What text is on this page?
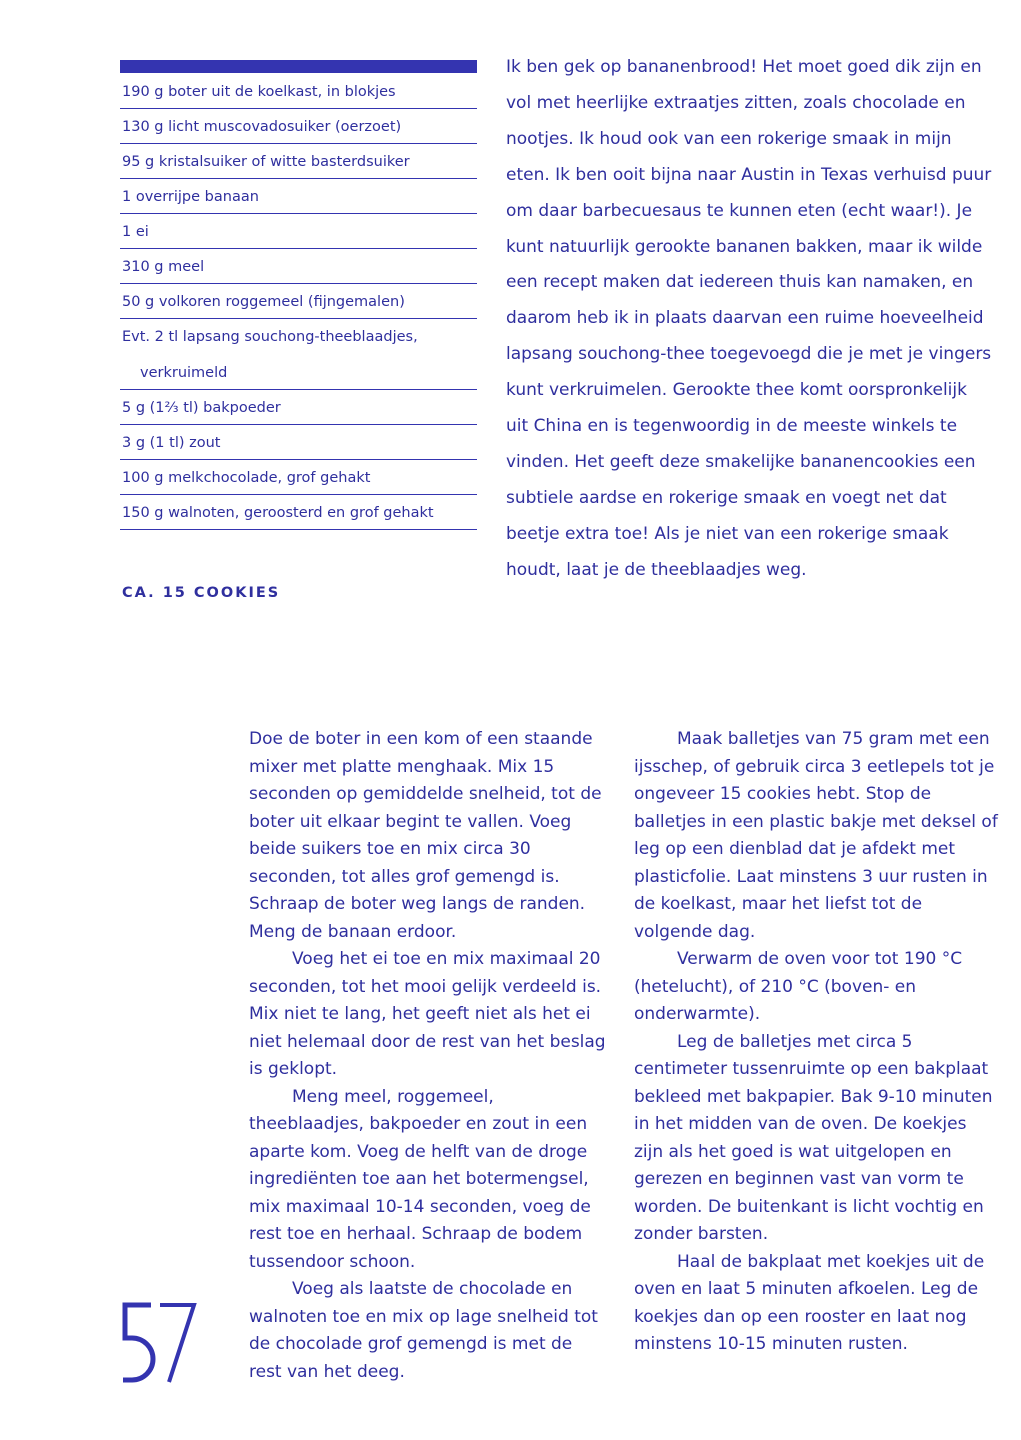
190 g boter uit de koelkast, in blokjes
130 g licht muscovadosuiker (oerzoet)
95 g kristalsuiker of witte basterdsuiker
1 overrijpe banaan
1 ei
310 g meel
50 g volkoren roggemeel (fijngemalen)
Evt. 2 tl lapsang souchong-theeblaadjes,
verkruimeld
5 g (1⅔ tl) bakpoeder
3 g (1 tl) zout
100 g melkchocolade, grof gehakt
150 g walnoten, geroosterd en grof gehakt
CA. 15 COOKIES

Ik ben gek op bananenbrood! Het moet goed dik zijn en vol met heerlijke extraatjes zitten, zoals chocolade en nootjes. Ik houd ook van een rokerige smaak in mijn eten. Ik ben ooit bijna naar Austin in Texas verhuisd puur om daar barbecuesaus te kunnen eten (echt waar!). Je kunt natuurlijk gerookte bananen bakken, maar ik wilde een recept maken dat iedereen thuis kan namaken, en daarom heb ik in plaats daarvan een ruime hoeveelheid lapsang souchong-thee toegevoegd die je met je vingers kunt verkruimelen. Gerookte thee komt oorspronkelijk uit China en is tegenwoordig in de meeste winkels te vinden. Het geeft deze smakelijke bananencookies een subtiele aardse en rokerige smaak en voegt net dat beetje extra toe! Als je niet van een rokerige smaak houdt, laat je de theeblaadjes weg.

Doe de boter in een kom of een staande mixer met platte menghaak. Mix 15 seconden op gemiddelde snelheid, tot de boter uit elkaar begint te vallen. Voeg beide suikers toe en mix circa 30 seconden, tot alles grof gemengd is. Schraap de boter weg langs de randen. Meng de banaan erdoor.

Voeg het ei toe en mix maximaal 20 seconden, tot het mooi gelijk verdeeld is. Mix niet te lang, het geeft niet als het ei niet helemaal door de rest van het beslag is geklopt.

Meng meel, roggemeel, theeblaadjes, bakpoeder en zout in een aparte kom. Voeg de helft van de droge ingrediënten toe aan het botermengsel, mix maximaal 10-14 seconden, voeg de rest toe en herhaal. Schraap de bodem tussendoor schoon.

Voeg als laatste de chocolade en walnoten toe en mix op lage snelheid tot de chocolade grof gemengd is met de rest van het deeg.

Maak balletjes van 75 gram met een ijsschep, of gebruik circa 3 eetlepels tot je ongeveer 15 cookies hebt. Stop de balletjes in een plastic bakje met deksel of leg op een dienblad dat je afdekt met plasticfolie. Laat minstens 3 uur rusten in de koelkast, maar het liefst tot de volgende dag.

Verwarm de oven voor tot 190 °C (hetelucht), of 210 °C (boven- en onderwarmte).

Leg de balletjes met circa 5 centimeter tussenruimte op een bakplaat bekleed met bakpapier. Bak 9-10 minuten in het midden van de oven. De koekjes zijn als het goed is wat uitgelopen en gerezen en beginnen vast van vorm te worden. De buitenkant is licht vochtig en zonder barsten.

Haal de bakplaat met koekjes uit de oven en laat 5 minuten afkoelen. Leg de koekjes dan op een rooster en laat nog minstens 10-15 minuten rusten.
